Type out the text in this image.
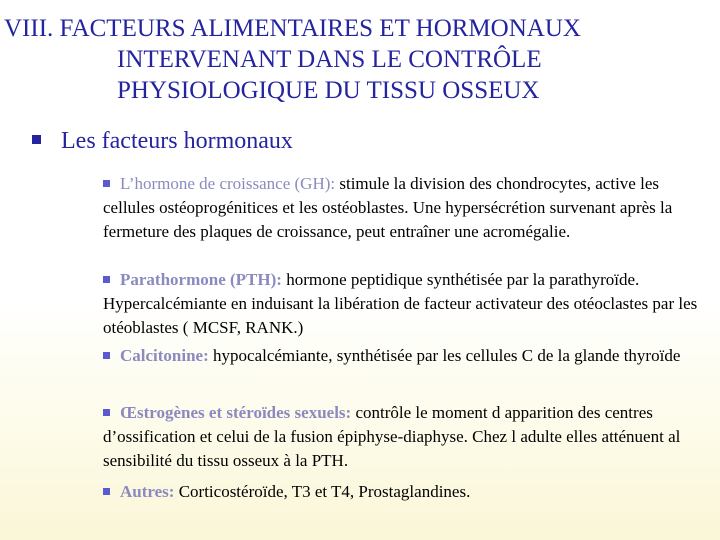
VIII. FACTEURS ALIMENTAIRES ET HORMONAUX
INTERVENANT DANS LE CONTRÔLE
PHYSIOLOGIQUE DU TISSU OSSEUX
Les facteurs hormonaux
L’hormone de croissance (GH): stimule la division des chondrocytes, active les cellules ostéoprogénitices et les ostéoblastes. Une hypersécrétion survenant après la fermeture des plaques de croissance, peut entraîner une acromégalie.
Parathormone (PTH): hormone peptidique synthétisée par la parathyroïde. Hypercalcémiante en induisant la libération de facteur activateur des otéoclastes par les otéoblastes ( MCSF, RANK.)
Calcitonine: hypocalcémiante, synthétisée par les cellules C de la glande thyroïde
Œstrogènes et stéroïdes sexuels: contrôle le moment d apparition des centres d’ossification et celui de la fusion épiphyse-diaphyse. Chez l adulte elles atténuent al sensibilité du tissu osseux à la PTH.
Autres: Corticostéroïde, T3 et T4, Prostaglandines.
